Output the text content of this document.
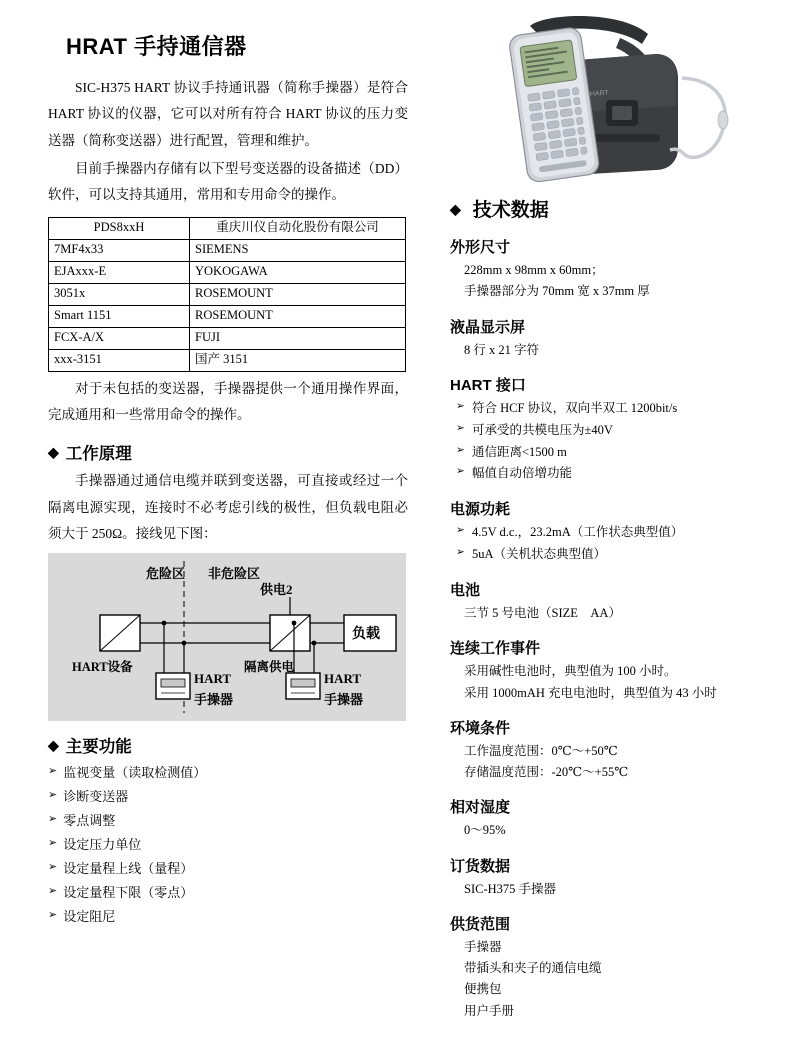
HART
HRAT 手持通信器

SIC-H375 HART 协议手持通讯器（简称手操器）是符合 HART 协议的仪器，它可以对所有符合 HART 协议的压力变送器（简称变送器）进行配置，管理和维护。

目前手操器内存储有以下型号变送器的设备描述（DD）软件，可以支持其通用，常用和专用命令的操作。

PDS8xxH	重庆川仪自动化股份有限公司
7MF4x33	SIEMENS
EJAxxx-E	YOKOGAWA
3051x	ROSEMOUNT
Smart 1151	ROSEMOUNT
FCX-A/X	FUJI
xxx-3151	国产 3151

对于未包括的变送器，手操器提供一个通用操作界面，完成通用和一些常用命令的操作。

◆ 工作原理

手操器通过通信电缆并联到变送器，可直接或经过一个隔离电源实现，连接时不必考虑引线的极性，但负载电阻必须大于 250Ω。接线见下图：

危险区 非危险区
供电2
负载
HART设备	隔离供电
HART
手操器
HART
手操器
◆ 主要功能
➢ 监视变量（读取检测值）
➢ 诊断变送器
➢ 零点调整
➢ 设定压力单位
➢ 设定量程上线（量程）
➢ 设定量程下限（零点）
➢ 设定阻尼
◆ 技术数据
外形尺寸
228mm x 98mm x 60mm；
手操器部分为 70mm 宽 x 37mm 厚
液晶显示屏
8 行 x 21 字符
HART 接口
➢ 符合 HCF 协议，双向半双工 1200bit/s
➢ 可承受的共模电压为±40V
➢ 通信距离<1500 m
➢ 幅值自动倍增功能
电源功耗
➢ 4.5V d.c.，23.2mA（工作状态典型值）
➢ 5uA（关机状态典型值）
电池
三节 5 号电池（SIZE　AA）
连续工作事件
采用碱性电池时，典型值为 100 小时。
采用 1000mAH 充电电池时，典型值为 43 小时
环境条件
工作温度范围：0℃～+50℃
存储温度范围：-20℃～+55℃
相对湿度
0～95%
订货数据
SIC-H375 手操器
供货范围
手操器
带插头和夹子的通信电缆
便携包
用户手册
